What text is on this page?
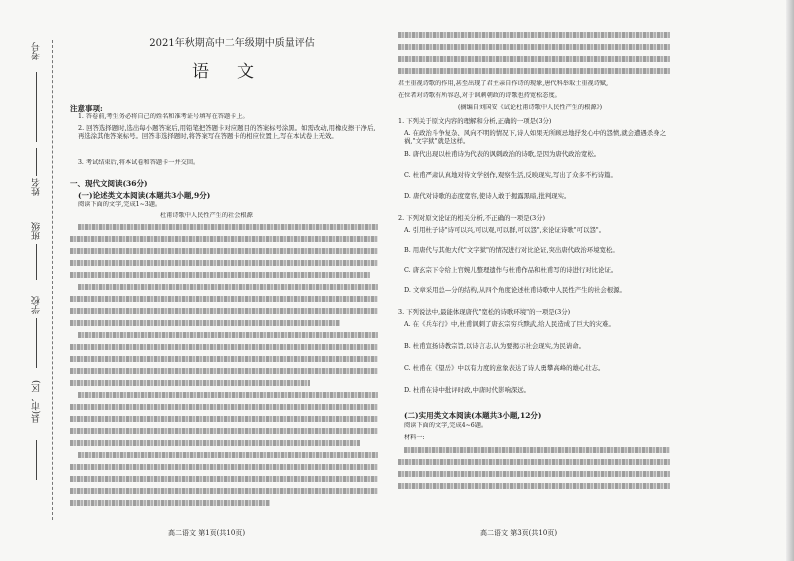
考号
姓名
班级
学校
县(市、区)
2021年秋期高中二年级期中质量评估
语文
注意事项:
1. 答卷前,考生务必将自己的姓名和准考证号填写在答题卡上。
2. 回答选择题时,选出每小题答案后,用铅笔把答题卡对应题目的答案标号涂黑。如需改动,用橡皮擦干净后,再选涂其他答案标号。回答非选择题时,将答案写在答题卡的相应位置上,写在本试卷上无效。
3. 考试结束后,将本试卷和答题卡一并交回。
一、现代文阅读(36分)
(一)论述类文本阅读(本题共3小题,9分)
阅读下面的文字,完成1~3题。
杜甫诗歌中人民性产生的社会根源
高二语文 第1页(共10页)
君主重视诗歌的作用,甚至出现了君主亲自作诗的现象,唐代科举取士重视诗赋,
在位者对诗歌有所容忍,对于讽刺朝政的诗歌也持宽松态度。
(摘编自刘国安《试论杜甫诗歌中人民性产生的根源》)
1. 下列关于原文内容的理解和分析,正确的一项是(3分)
A. 在政治斗争复杂、风向不明的情况下,诗人如果无所顾忌地抒发心中的怨愤,就会遭遇杀身之祸,"文字狱"就是这样。
B. 唐代出现以杜甫诗为代表的讽刺政治的诗歌,是因为唐代政治宽松。
C. 杜甫严肃认真地对待文学创作,观察生活,反映现实,写出了众多不朽诗篇。
D. 唐代对诗歌的态度宽容,使诗人敢于揭露黑暗,批判现实。
2. 下列对原文论证的相关分析,不正确的一项是(3分)
A. 引用杜子诗"诗可以兴,可以观,可以群,可以怨",来论证诗歌"可以怨"。
B. 用唐代与其他大代"文字狱"的情况进行对比论证,突出唐代政治环境宽松。
C. 唐玄宗下令给上官婉儿整理遗作与杜甫作品和杜甫写的诗进行对比论证。
D. 文章采用总—分的结构,从四个角度论述杜甫诗歌中人民性产生的社会根源。
3. 下列说法中,最能体现唐代"宽松的诗歌环境"的一项是(3分)
A. 在《兵车行》中,杜甫讽刺了唐玄宗穷兵黩武,给人民造成了巨大的灾难。
B. 杜甫宣扬诗教宗旨,以诗言志,认为要揭示社会现实,为民请命。
C. 杜甫在《望岳》中以有力度的意象表达了诗人勇攀高峰的雄心壮志。
D. 杜甫在诗中批评时政,中唐时代影响深远。
(二)实用类文本阅读(本题共3小题,12分)
阅读下面的文字,完成4~6题。
材料一:
高二语文 第3页(共10页)
